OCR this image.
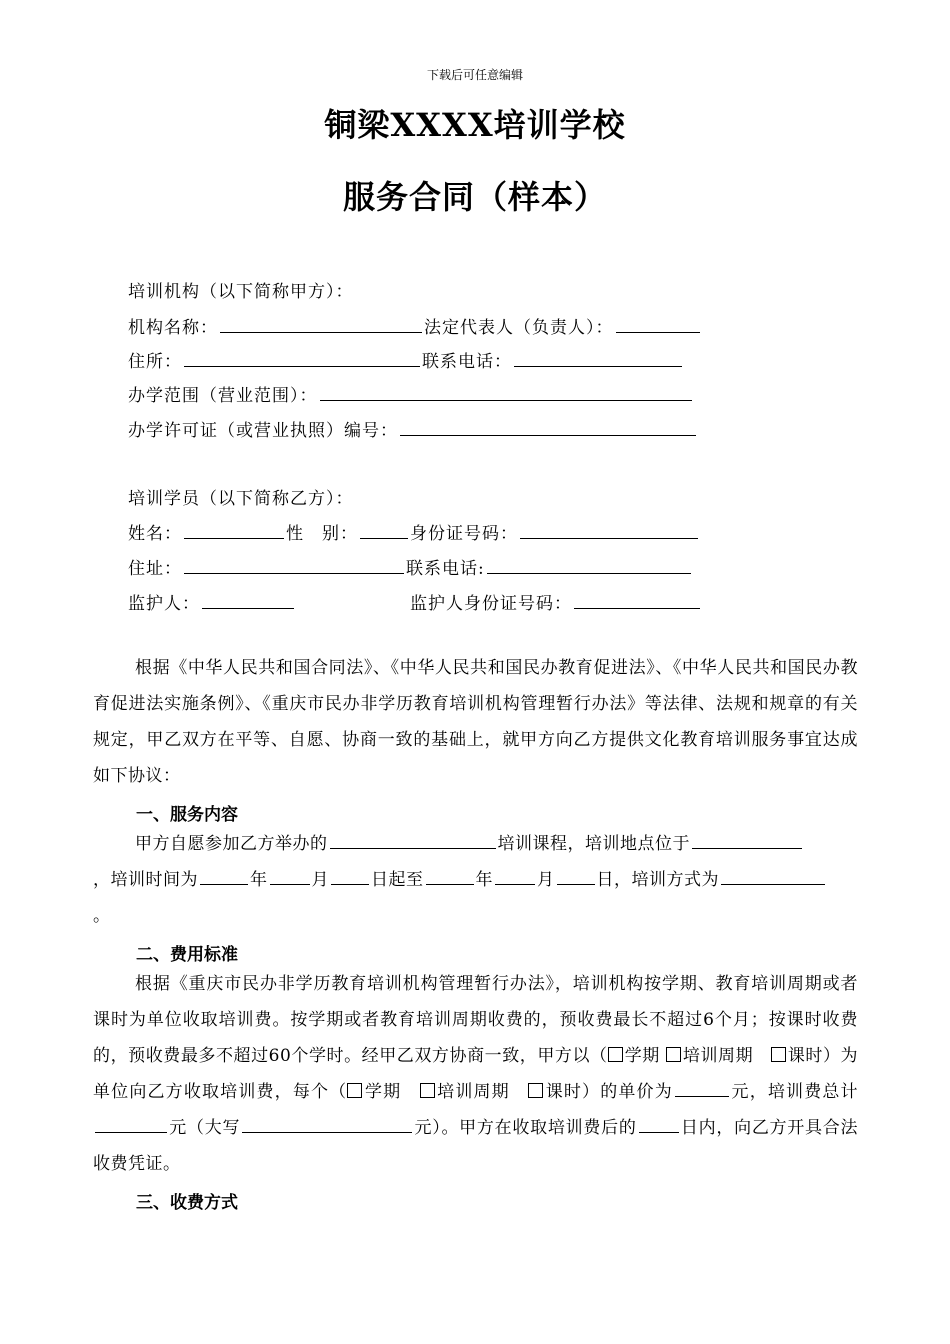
下载后可任意编辑
铜梁XXXX培训学校
服务合同（样本）
培训机构（以下简称甲方）：
机构名称：	法定代表人（负责人）：
住所：	联系电话：
办学范围（营业范围）：
办学许可证（或营业执照）编号：
培训学员（以下简称乙方）：
姓名：	性　别：	身份证号码：
住址：	联系电话:
监护人：	监护人身份证号码：
根据《中华人民共和国合同法》、《中华人民共和国民办教育促进法》、《中华人民共和国民办教育促进法实施条例》、《重庆市民办非学历教育培训机构管理暂行办法》等法律、法规和规章的有关规定，甲乙双方在平等、自愿、协商一致的基础上，就甲方向乙方提供文化教育培训服务事宜达成如下协议：
一、服务内容
甲方自愿参加乙方举办的	培训课程，培训地点位于
，培训时间为	年	月 日起至	年	月 日，培训方式为
。
二、费用标准
根据《重庆市民办非学历教育培训机构管理暂行办法》，培训机构按学期、教育培训周期或者课时为单位收取培训费。按学期或者教育培训周期收费的，预收费最长不超过6个月；按课时收费的，预收费最多不超过60个学时。经甲乙双方协商一致，甲方以（ 学期 培训周期　 课时）为单位向乙方收取培训费，每个（ 学期　 培训周期　 课时）的单价为	元，培训费总计元（大写	元）。甲方在收取培训费后的	日内，向乙方开具合法收费凭证。
三、收费方式
